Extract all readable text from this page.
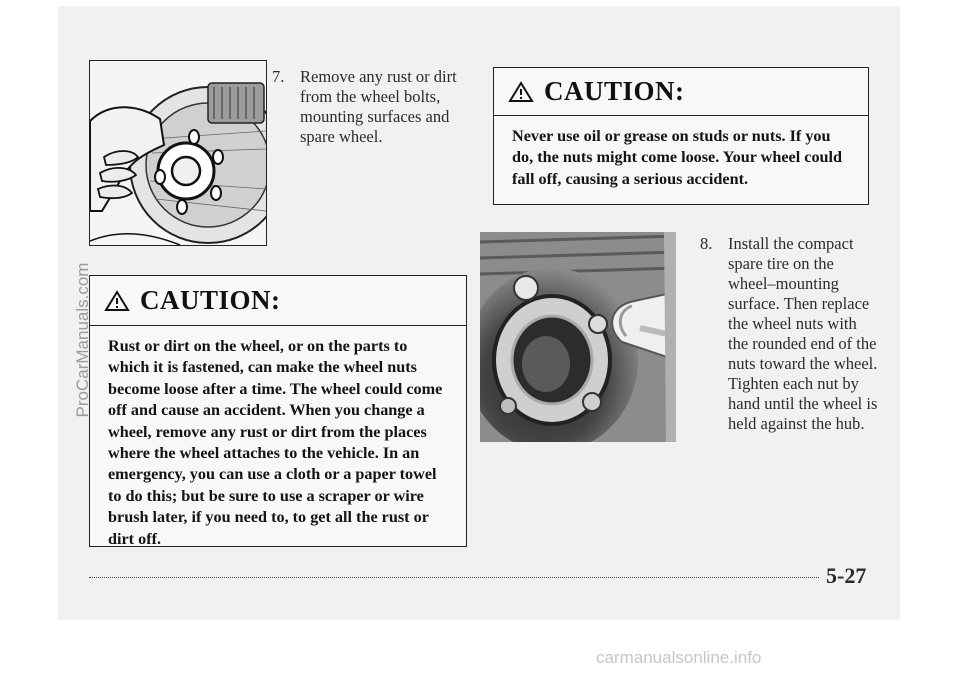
7. Remove any rust or dirt
from the wheel bolts,
mounting surfaces and
spare wheel.
CAUTION:
Never use oil or grease on studs or nuts. If you
do, the nuts might come loose. Your wheel could
fall off, causing a serious accident.
CAUTION:
Rust or dirt on the wheel, or on the parts to
which it is fastened, can make the wheel nuts
become loose after a time. The wheel could come
off and cause an accident. When you change a
wheel, remove any rust or dirt from the places
where the wheel attaches to the vehicle. In an
emergency, you can use a cloth or a paper towel
to do this; but be sure to use a scraper or wire
brush later, if you need to, to get all the rust or
dirt off.
8. Install the compact
spare tire on the
wheel–mounting
surface. Then replace
the wheel nuts with
the rounded end of the
nuts toward the wheel.
Tighten each nut by
hand until the wheel is
held against the hub.
5-27
ProCarManuals.com
carmanualsonline.info
